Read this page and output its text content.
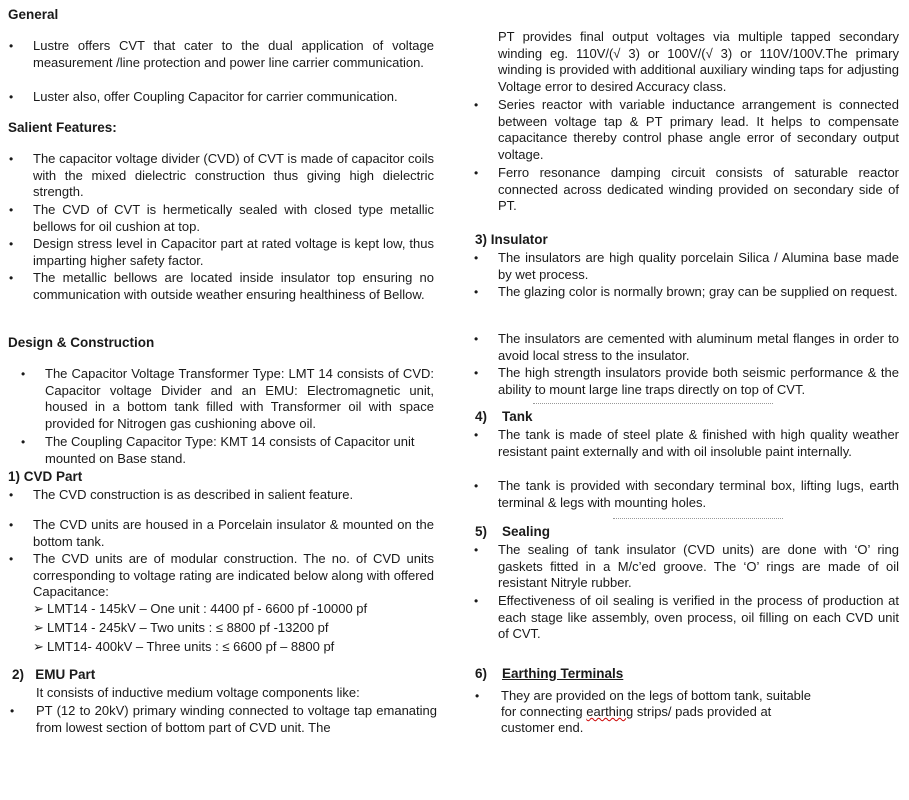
General
• Lustre offers CVT that cater to the dual application of voltage measurement /line protection and power line carrier communication.
• Luster also, offer Coupling Capacitor for carrier communication.
Salient Features:
• The capacitor voltage divider (CVD) of CVT is made of capacitor coils with the mixed dielectric construction thus giving high dielectric strength.
• The CVD of CVT is hermetically sealed with closed type metallic bellows for oil cushion at top.
• Design stress level in Capacitor part at rated voltage is kept low, thus imparting higher safety factor.
• The metallic bellows are located inside insulator top ensuring no communication with outside weather ensuring healthiness of Bellow.
Design & Construction
• The Capacitor Voltage Transformer Type: LMT 14 consists of CVD: Capacitor voltage Divider and an EMU: Electromagnetic unit, housed in a bottom tank filled with Transformer oil with space provided for Nitrogen gas cushioning above oil.
• The Coupling Capacitor Type: KMT 14 consists of Capacitor unit mounted on Base stand.
1) CVD Part
• The CVD construction is as described in salient feature.
• The CVD units are housed in a Porcelain insulator & mounted on the bottom tank.
• The CVD units are of modular construction. The no. of CVD units corresponding to voltage rating are indicated below along with offered Capacitance:
➢ LMT14 - 145kV – One unit : 4400 pf - 6600 pf -10000 pf
➢ LMT14 - 245kV – Two units : ≤ 8800 pf -13200 pf
➢ LMT14- 400kV – Three units : ≤ 6600 pf – 8800 pf
2) EMU Part
It consists of inductive medium voltage components like:
• PT (12 to 20kV) primary winding connected to voltage tap emanating from lowest section of bottom part of CVD unit. The
PT provides final output voltages via multiple tapped secondary winding eg. 110V/(√ 3) or 100V/(√ 3) or 110V/100V.The primary winding is provided with additional auxiliary winding taps for adjusting Voltage error to desired Accuracy class.
• Series reactor with variable inductance arrangement is connected between voltage tap & PT primary lead. It helps to compensate capacitance thereby control phase angle error of secondary output voltage.
• Ferro resonance damping circuit consists of saturable reactor connected across dedicated winding provided on secondary side of PT.
3) Insulator
• The insulators are high quality porcelain Silica / Alumina base made by wet process.
• The glazing color is normally brown; gray can be supplied on request.
• The insulators are cemented with aluminum metal flanges in order to avoid local stress to the insulator.
• The high strength insulators provide both seismic performance & the ability to mount large line traps directly on top of CVT.
4) Tank
• The tank is made of steel plate & finished with high quality weather resistant paint externally and with oil insoluble paint internally.
• The tank is provided with secondary terminal box, lifting lugs, earth terminal & legs with mounting holes.
5) Sealing
• The sealing of tank insulator (CVD units) are done with ‘O’ ring gaskets fitted in a M/c’ed groove. The ‘O’ rings are made of oil resistant Nitryle rubber.
• Effectiveness of oil sealing is verified in the process of production at each stage like assembly, oven process, oil filling on each CVD unit of CVT.
6) Earthing Terminals
• They are provided on the legs of bottom tank, suitable
for connecting earthing strips/ pads provided at
customer end.
